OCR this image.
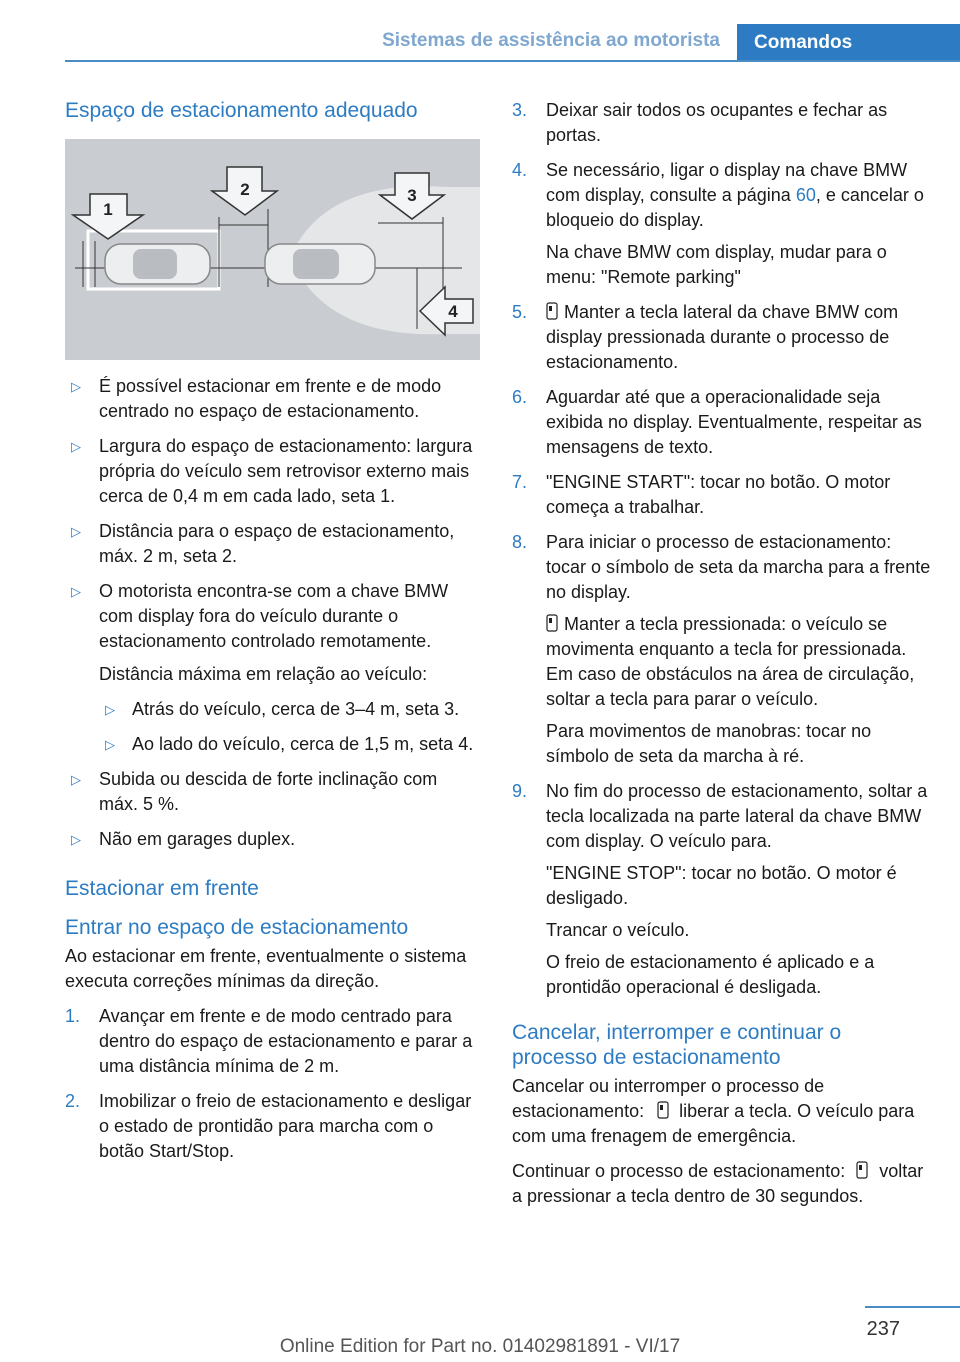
Sistemas de assistência ao motorista	Comandos
Espaço de estacionamento adequado
1
2	3
4
▷ É possível estacionar em frente e de modo centrado no espaço de estacionamento.
▷ Largura do espaço de estacionamento: largura própria do veículo sem retrovisor externo mais cerca de 0,4 m em cada lado, seta 1.
▷ Distância para o espaço de estacionamento, máx. 2 m, seta 2.
▷ O motorista encontra-se com a chave BMW com display fora do veículo durante o estacionamento controlado remotamente.
Distância máxima em relação ao veículo:
▷ Atrás do veículo, cerca de 3–4 m, seta 3.
▷ Ao lado do veículo, cerca de 1,5 m, seta 4.
▷ Subida ou descida de forte inclinação com máx. 5 %.
▷ Não em garages duplex.
Estacionar em frente
Entrar no espaço de estacionamento

Ao estacionar em frente, eventualmente o sistema executa correções mínimas da direção.

1. Avançar em frente e de modo centrado para dentro do espaço de estacionamento e parar a uma distância mínima de 2 m.
2. Imobilizar o freio de estacionamento e desligar o estado de prontidão para marcha com o botão Start/Stop.
3. Deixar sair todos os ocupantes e fechar as portas.
4. Se necessário, ligar o display na chave BMW com display, consulte a página 60, e cancelar o bloqueio do display.
Na chave BMW com display, mudar para o menu: "Remote parking"
5. Manter a tecla lateral da chave BMW com display pressionada durante o processo de estacionamento.
6. Aguardar até que a operacionalidade seja exibida no display. Eventualmente, respeitar as mensagens de texto.
7. "ENGINE START": tocar no botão. O motor começa a trabalhar.
8. Para iniciar o processo de estacionamento: tocar o símbolo de seta da marcha para a frente no display.
Manter a tecla pressionada: o veículo se movimenta enquanto a tecla for pressionada. Em caso de obstáculos na área de circulação, soltar a tecla para parar o veículo.
Para movimentos de manobras: tocar no símbolo de seta da marcha à ré.
9. No fim do processo de estacionamento, soltar a tecla localizada na parte lateral da chave BMW com display. O veículo para.
"ENGINE STOP": tocar no botão. O motor é desligado.
Trancar o veículo.
O freio de estacionamento é aplicado e a prontidão operacional é desligada.
Cancelar, interromper e continuar o processo de estacionamento

Cancelar ou interromper o processo de estacionamento: liberar a tecla. O veículo para com uma frenagem de emergência.

Continuar o processo de estacionamento: voltar a pressionar a tecla dentro de 30 segundos.

237
Online Edition for Part no. 01402981891 - VI/17
